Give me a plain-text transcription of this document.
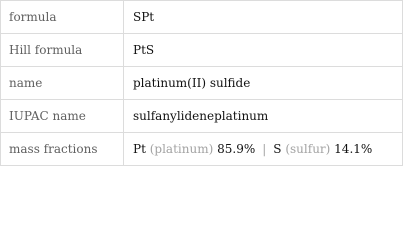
formula	SPt
Hill formula	PtS
name	platinum(II) sulfide
IUPAC name	sulfanylideneplatinum
mass fractions	Pt (platinum) 85.9% | S (sulfur) 14.1%
